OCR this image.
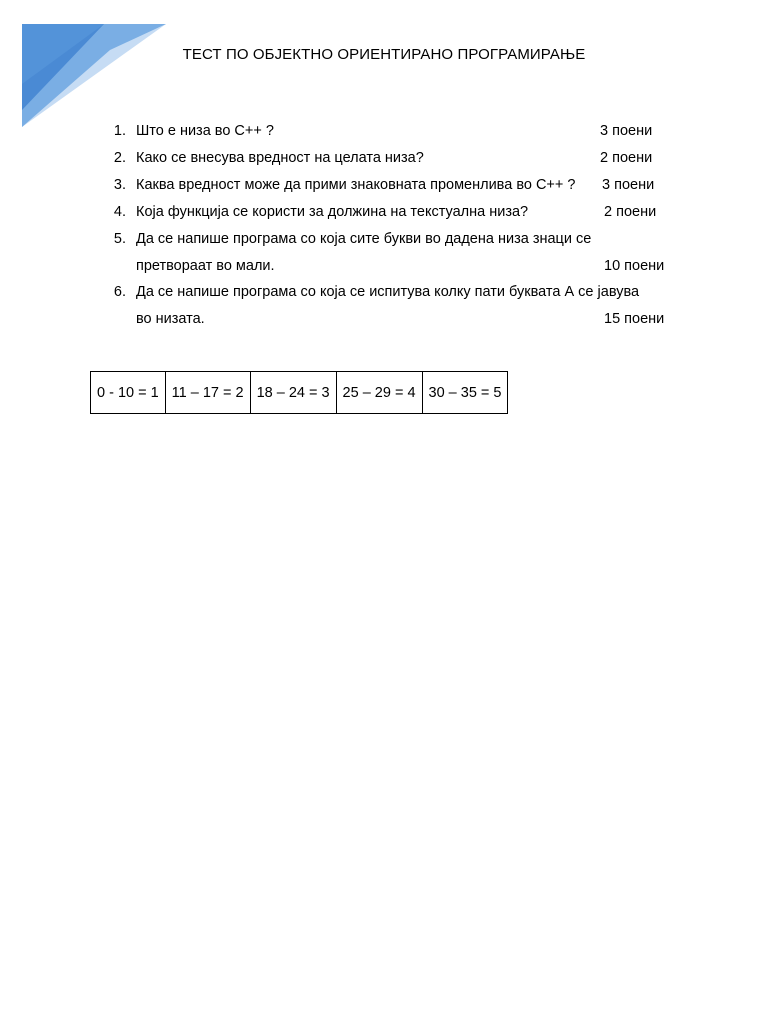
ТЕСТ ПО ОБЈЕКТНО ОРИЕНТИРАНО ПРОГРАМИРАЊЕ
1. Што е низа во C++ ?	3 поени
2. Како се внесува вредност на целата низа?	2 поени
3. Каква вредност може да прими знаковната променлива во C++ ? 3 поени
4. Која функција се користи за должина на текстуална низа?	2 поени
5. Да се напише програма со која сите букви во дадена низа знаци се
претвораат во мали.	10 поени
6. Да се напише програма со која се испитува колку пати буквата А се јавува
во низата.	15 поени
0 - 10 = 1	11 – 17 = 2	18 – 24 = 3	25 – 29 = 4	30 – 35 = 5
